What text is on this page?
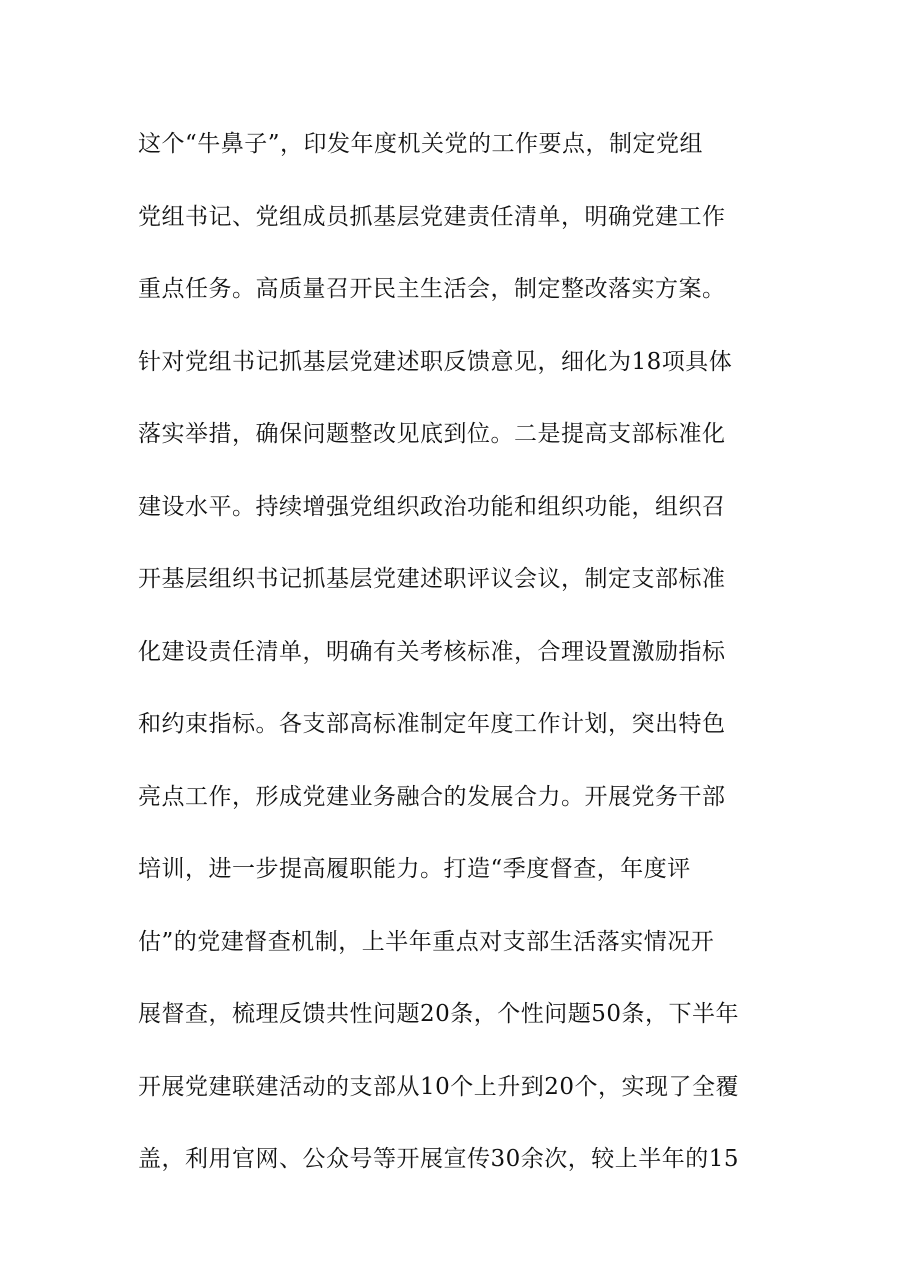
这个“牛鼻子”，印发年度机关党的工作要点，制定党组
党组书记、党组成员抓基层党建责任清单，明确党建工作
重点任务。高质量召开民主生活会，制定整改落实方案。
针对党组书记抓基层党建述职反馈意见，细化为18项具体
落实举措，确保问题整改见底到位。二是提高支部标准化
建设水平。持续增强党组织政治功能和组织功能，组织召
开基层组织书记抓基层党建述职评议会议，制定支部标准
化建设责任清单，明确有关考核标准，合理设置激励指标
和约束指标。各支部高标准制定年度工作计划，突出特色
亮点工作，形成党建业务融合的发展合力。开展党务干部
培训，进一步提高履职能力。打造“季度督查，年度评
估”的党建督查机制，上半年重点对支部生活落实情况开
展督查，梳理反馈共性问题20条，个性问题50条，下半年
开展党建联建活动的支部从10个上升到20个，实现了全覆
盖，利用官网、公众号等开展宣传30余次，较上半年的15
